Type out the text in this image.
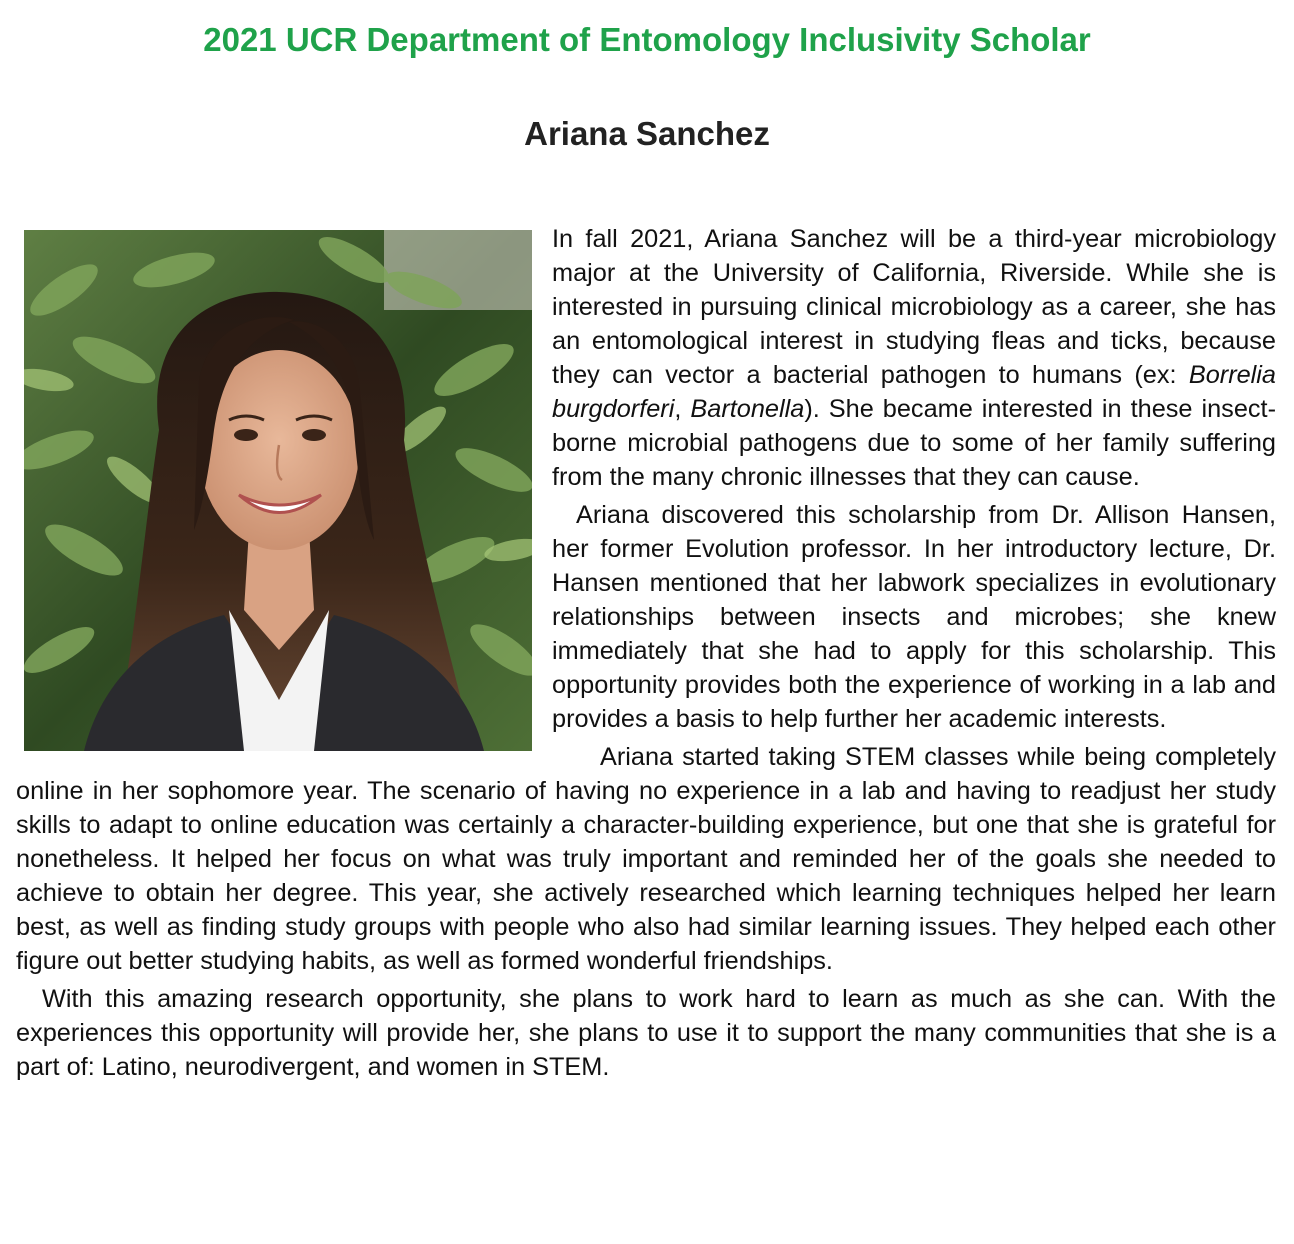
2021 UCR Department of Entomology Inclusivity Scholar
Ariana Sanchez

In fall 2021, Ariana Sanchez will be a third-year microbiology major at the University of California, Riverside. While she is interested in pursuing clinical microbiology as a career, she has an entomological interest in studying fleas and ticks, because they can vector a bacterial pathogen to humans (ex: Borrelia burgdorferi, Bartonella). She became interested in these insect-borne microbial pathogens due to some of her family suffering from the many chronic illnesses that they can cause.

Ariana discovered this scholarship from Dr. Allison Hansen, her former Evolution professor. In her introductory lecture, Dr. Hansen mentioned that her labwork specializes in evolutionary relationships between insects and microbes; she knew immediately that she had to apply for this scholarship. This opportunity provides both the experience of working in a lab and provides a basis to help further her academic interests.

Ariana started taking STEM classes while being completely online in her sophomore year. The scenario of having no experience in a lab and having to readjust her study skills to adapt to online education was certainly a character-building experience, but one that she is grateful for nonetheless. It helped her focus on what was truly important and reminded her of the goals she needed to achieve to obtain her degree. This year, she actively researched which learning techniques helped her learn best, as well as finding study groups with people who also had similar learning issues. They helped each other figure out better studying habits, as well as formed wonderful friendships.

With this amazing research opportunity, she plans to work hard to learn as much as she can. With the experiences this opportunity will provide her, she plans to use it to support the many communities that she is a part of: Latino, neurodivergent, and women in STEM.
